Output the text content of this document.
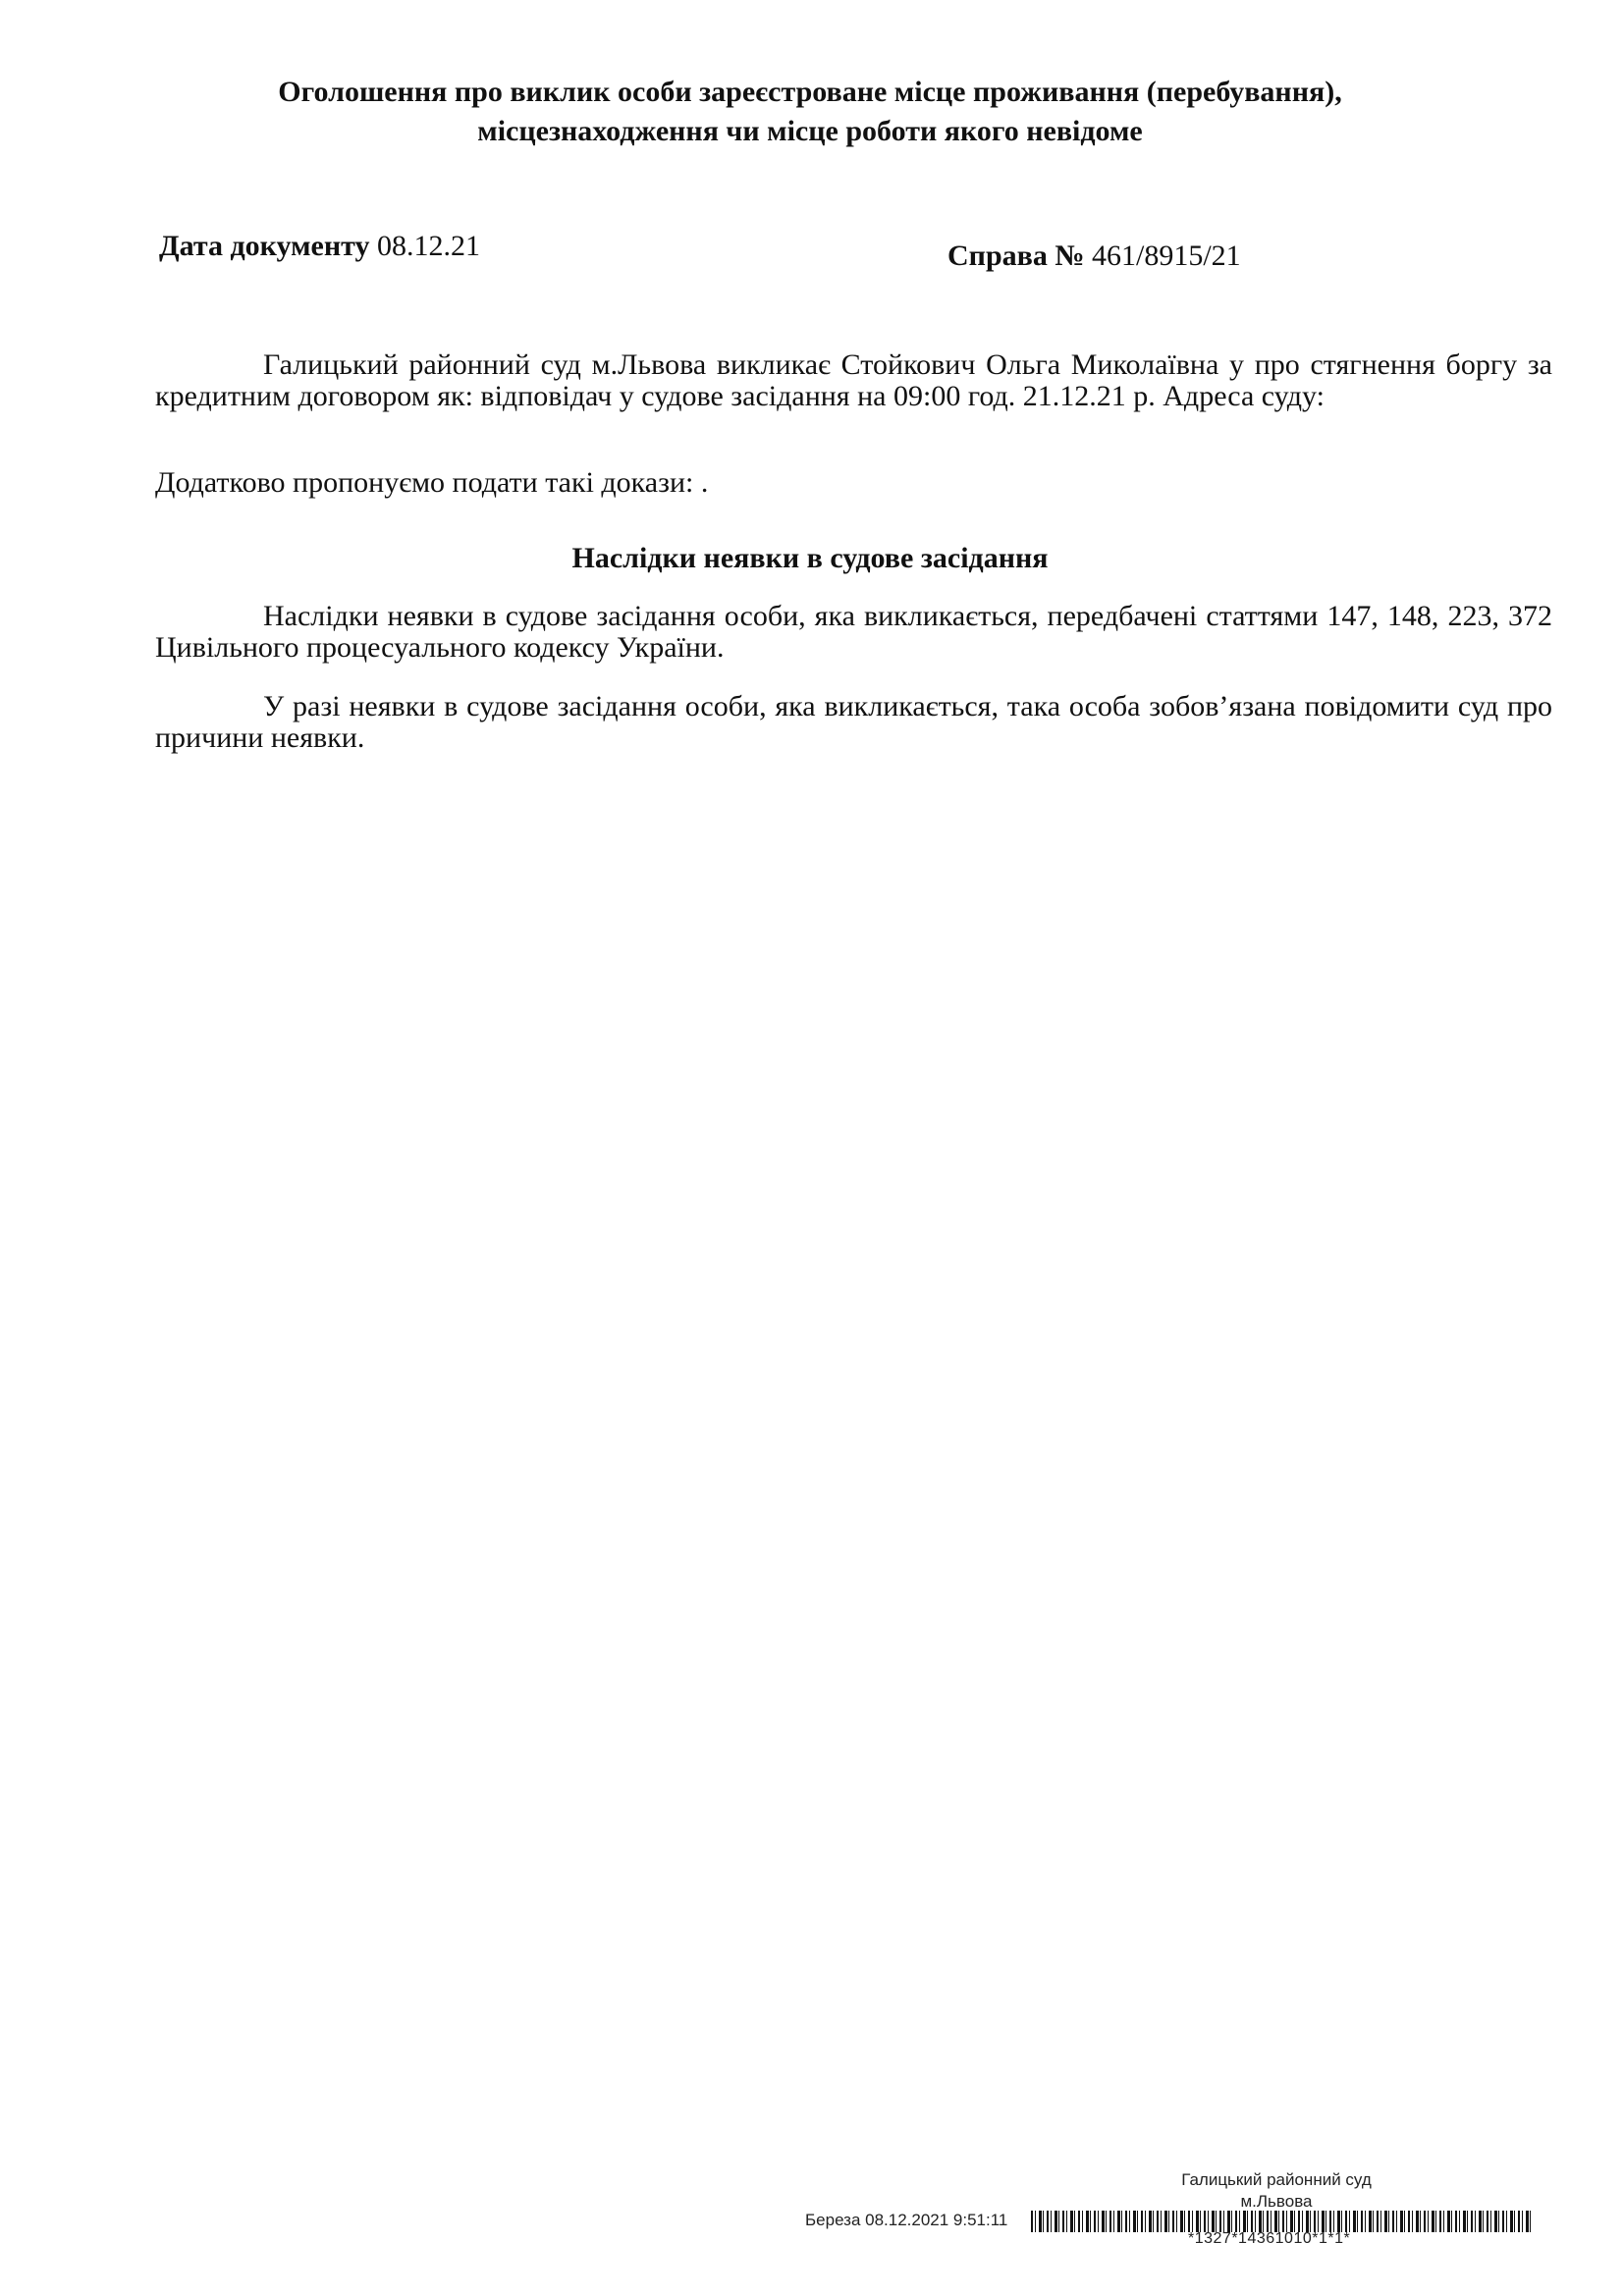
Оголошення про виклик особи зареєстроване місце проживання (перебування),
місцезнаходження чи місце роботи якого невідоме
Дата документу 08.12.21	Справа № 461/8915/21
Галицький районний суд м.Львова викликає Стойкович Ольга Миколаївна у про стягнення боргу за кредитним договором як: відповідач у судове засідання на 09:00 год. 21.12.21 р. Адреса суду:
Додатково пропонуємо подати такі докази: .
Наслідки неявки в судове засідання
Наслідки неявки в судове засідання особи, яка викликається, передбачені статтями 147, 148, 223, 372 Цивільного процесуального кодексу України.
У разі неявки в судове засідання особи, яка викликається, така особа зобов’язана повідомити суд про причини неявки.
Галицький районний суд
м.Львова
Береза 08.12.2021 9:51:11
*1327*14361010*1*1*
